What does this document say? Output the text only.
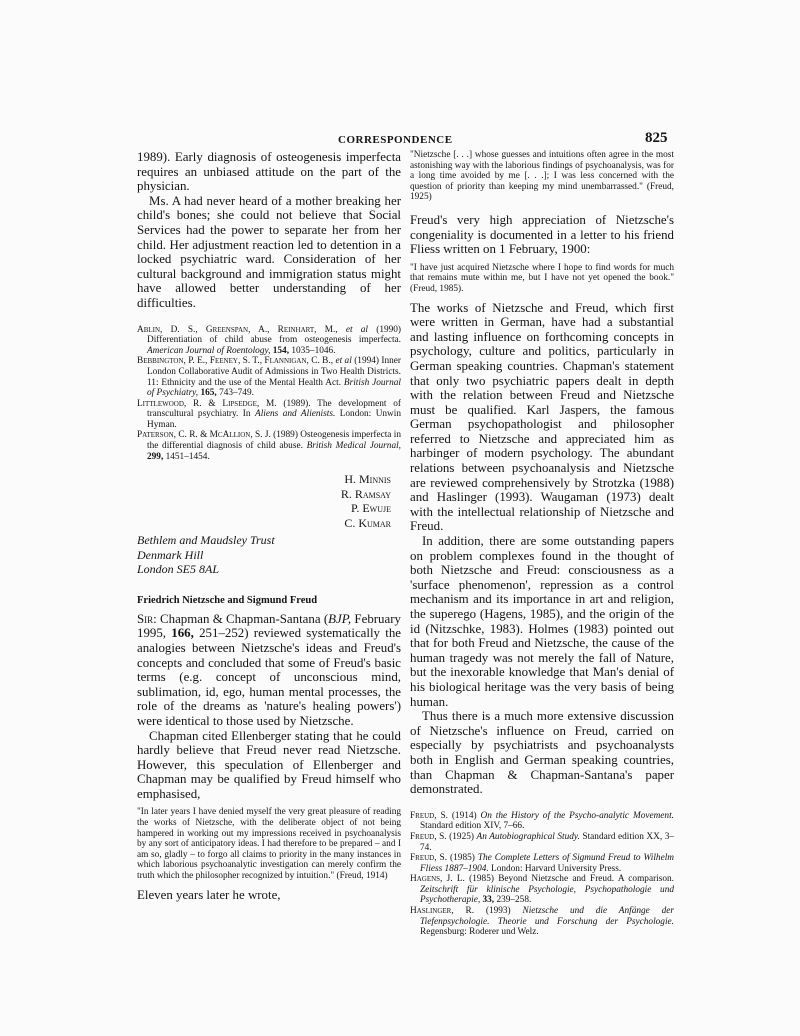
CORRESPONDENCE	825

1989). Early diagnosis of osteogenesis imperfecta requires an unbiased attitude on the part of the physician.

Ms. A had never heard of a mother breaking her child's bones; she could not believe that Social Services had the power to separate her from her child. Her adjustment reaction led to detention in a locked psychiatric ward. Consideration of her cultural background and immigration status might have allowed better understanding of her difficulties.

Ablin, D. S., Greenspan, A., Reinhart, M., et al (1990) Differentiation of child abuse from osteogenesis imperfecta. American Journal of Roentology, 154, 1035–1046.

Bebbington, P. E., Feeney, S. T., Flannigan, C. B., et al (1994) Inner London Collaborative Audit of Admissions in Two Health Districts. 11: Ethnicity and the use of the Mental Health Act. British Journal of Psychiatry, 165, 743–749.

Littlewood, R. & Lipsedge, M. (1989). The development of transcultural psychiatry. In Aliens and Alienists. London: Unwin Hyman.

Paterson, C. R. & McAllion, S. J. (1989) Osteogenesis imperfecta in the differential diagnosis of child abuse. British Medical Journal, 299, 1451–1454.

H. Minnis

R. Ramsay

P. Ewuje

C. Kumar

Bethlem and Maudsley Trust

Denmark Hill

London SE5 8AL

Friedrich Nietzsche and Sigmund Freud

Sir: Chapman & Chapman-Santana (BJP, February 1995, 166, 251–252) reviewed systematically the analogies between Nietzsche's ideas and Freud's concepts and concluded that some of Freud's basic terms (e.g. concept of unconscious mind, sublimation, id, ego, human mental processes, the role of the dreams as 'nature's healing powers') were identical to those used by Nietzsche.

Chapman cited Ellenberger stating that he could hardly believe that Freud never read Nietzsche. However, this speculation of Ellenberger and Chapman may be qualified by Freud himself who emphasised,

"In later years I have denied myself the very great pleasure of reading the works of Nietzsche, with the deliberate object of not being hampered in working out my impressions received in psychoanalysis by any sort of anticipatory ideas. I had therefore to be prepared – and I am so, gladly – to forgo all claims to priority in the many instances in which laborious psychoanalytic investigation can merely confirm the truth which the philosopher recognized by intuition." (Freud, 1914)

Eleven years later he wrote,

"Nietzsche [. . .] whose guesses and intuitions often agree in the most astonishing way with the laborious findings of psychoanalysis, was for a long time avoided by me [. . .]; I was less concerned with the question of priority than keeping my mind unembarrassed." (Freud, 1925)

Freud's very high appreciation of Nietzsche's congeniality is documented in a letter to his friend Fliess written on 1 February, 1900:

"I have just acquired Nietzsche where I hope to find words for much that remains mute within me, but I have not yet opened the book." (Freud, 1985).

The works of Nietzsche and Freud, which first were written in German, have had a substantial and lasting influence on forthcoming concepts in psychology, culture and politics, particularly in German speaking countries. Chapman's statement that only two psychiatric papers dealt in depth with the relation between Freud and Nietzsche must be qualified. Karl Jaspers, the famous German psychopathologist and philosopher referred to Nietzsche and appreciated him as harbinger of modern psychology. The abundant relations between psychoanalysis and Nietzsche are reviewed comprehensively by Strotzka (1988) and Haslinger (1993). Waugaman (1973) dealt with the intellectual relationship of Nietzsche and Freud.

In addition, there are some outstanding papers on problem complexes found in the thought of both Nietzsche and Freud: consciousness as a 'surface phenomenon', repression as a control mechanism and its importance in art and religion, the superego (Hagens, 1985), and the origin of the id (Nitzschke, 1983). Holmes (1983) pointed out that for both Freud and Nietzsche, the cause of the human tragedy was not merely the fall of Nature, but the inexorable knowledge that Man's denial of his biological heritage was the very basis of being human.

Thus there is a much more extensive discussion of Nietzsche's influence on Freud, carried on especially by psychiatrists and psychoanalysts both in English and German speaking countries, than Chapman & Chapman-Santana's paper demonstrated.

Freud, S. (1914) On the History of the Psycho-analytic Movement. Standard edition XIV, 7–66.

Freud, S. (1925) An Autobiographical Study. Standard edition XX, 3–74.

Freud, S. (1985) The Complete Letters of Sigmund Freud to Wilhelm Fliess 1887–1904. London: Harvard University Press.

Hagens, J. L. (1985) Beyond Nietzsche and Freud. A comparison. Zeitschrift für klinische Psychologie, Psychopathologie und Psychotherapie, 33, 239–258.

Haslinger, R. (1993) Nietzsche und die Anfänge der Tiefenpsychologie. Theorie und Forschung der Psychologie. Regensburg: Roderer und Welz.
